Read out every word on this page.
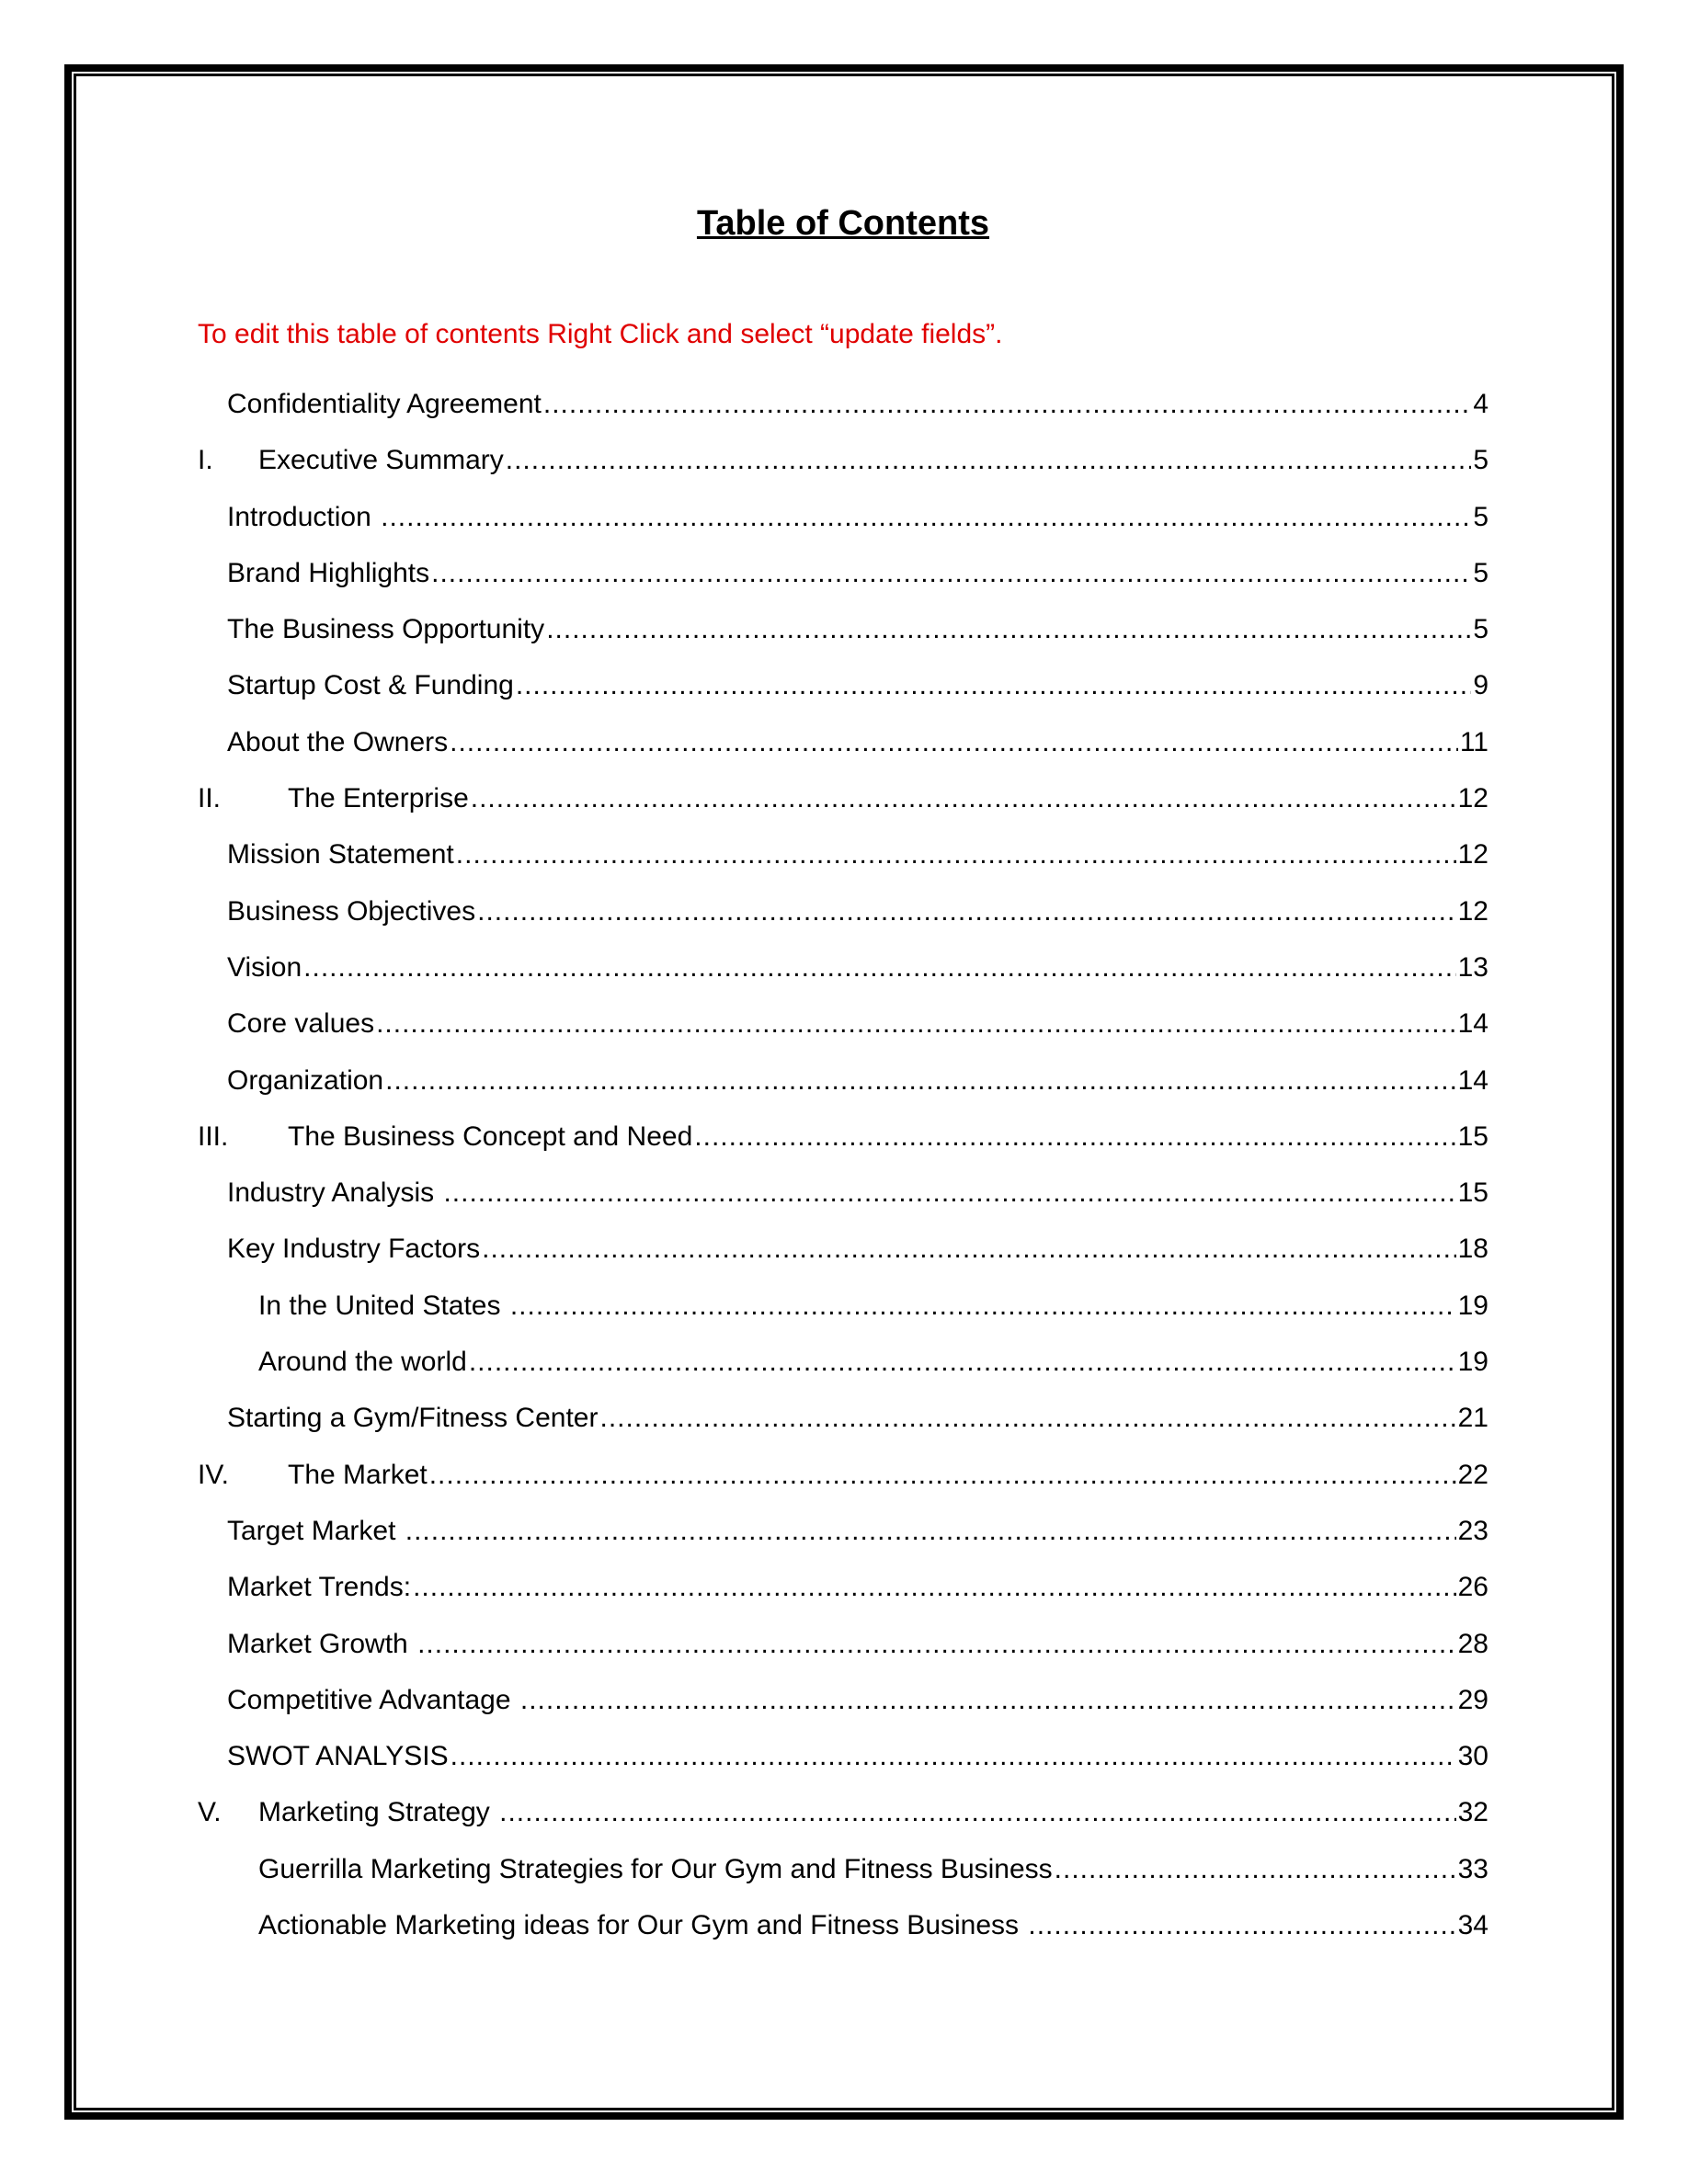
Table of Contents
To edit this table of contents Right Click and select “update fields”.
Confidentiality Agreement .....	4
I.	Executive Summary .....	5
Introduction .....	5
Brand Highlights .....	5
The Business Opportunity .....	5
Startup Cost & Funding .....	9
About the Owners .....	11
II.	The Enterprise .....	12
Mission Statement .....	12
Business Objectives .....	12
Vision .....	13
Core values .....	14
Organization .....	14
III.	The Business Concept and Need .....	15
Industry Analysis .....	15
Key Industry Factors .....	18
In the United States .....	19
Around the world .....	19
Starting a Gym/Fitness Center .....	21
IV.	The Market .....	22
Target Market .....	23
Market Trends: .....	26
Market Growth .....	28
Competitive Advantage .....	29
SWOT ANALYSIS .....	30
V.	Marketing Strategy .....	32
Guerrilla Marketing Strategies for Our Gym and Fitness Business .....	33
Actionable Marketing ideas for Our Gym and Fitness Business .....	34
